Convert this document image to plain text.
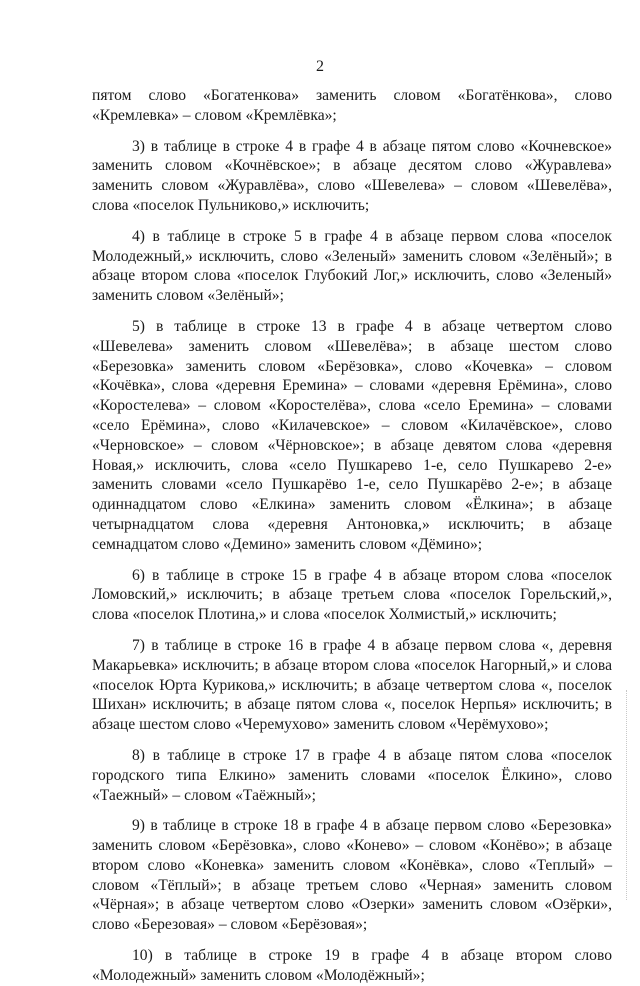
2

пятом слово «Богатенкова» заменить словом «Богатёнкова», слово «Кремлевка» – словом «Кремлёвка»;

3) в таблице в строке 4 в графе 4 в абзаце пятом слово «Кочневское» заменить словом «Кочнёвское»; в абзаце десятом слово «Журавлева» заменить словом «Журавлёва», слово «Шевелева» – словом «Шевелёва», слова «поселок Пульниково,» исключить;

4) в таблице в строке 5 в графе 4 в абзаце первом слова «поселок Молодежный,» исключить, слово «Зеленый» заменить словом «Зелёный»; в абзаце втором слова «поселок Глубокий Лог,» исключить, слово «Зеленый» заменить словом «Зелёный»;

5) в таблице в строке 13 в графе 4 в абзаце четвертом слово «Шевелева» заменить словом «Шевелёва»; в абзаце шестом слово «Березовка» заменить словом «Берёзовка», слово «Кочевка» – словом «Кочёвка», слова «деревня Еремина» – словами «деревня Ерёмина», слово «Коростелева» – словом «Коростелёва», слова «село Еремина» – словами «село Ерёмина», слово «Килачевское» – словом «Килачёвское», слово «Черновское» – словом «Чёрновское»; в абзаце девятом слова «деревня Новая,» исключить, слова «село Пушкарево 1-е, село Пушкарево 2-е» заменить словами «село Пушкарёво 1-е, село Пушкарёво 2-е»; в абзаце одиннадцатом слово «Елкина» заменить словом «Ёлкина»; в абзаце четырнадцатом слова «деревня Антоновка,» исключить; в абзаце семнадцатом слово «Демино» заменить словом «Дёмино»;

6) в таблице в строке 15 в графе 4 в абзаце втором слова «поселок Ломовский,» исключить; в абзаце третьем слова «поселок Горельский,», слова «поселок Плотина,» и слова «поселок Холмистый,» исключить;

7) в таблице в строке 16 в графе 4 в абзаце первом слова «, деревня Макарьевка» исключить; в абзаце втором слова «поселок Нагорный,» и слова «поселок Юрта Курикова,» исключить; в абзаце четвертом слова «, поселок Шихан» исключить; в абзаце пятом слова «, поселок Нерпья» исключить; в абзаце шестом слово «Черемухово» заменить словом «Черёмухово»;

8) в таблице в строке 17 в графе 4 в абзаце пятом слова «поселок городского типа Елкино» заменить словами «поселок Ёлкино», слово «Таежный» – словом «Таёжный»;

9) в таблице в строке 18 в графе 4 в абзаце первом слово «Березовка» заменить словом «Берёзовка», слово «Конево» – словом «Конёво»; в абзаце втором слово «Коневка» заменить словом «Конёвка», слово «Теплый» – словом «Тёплый»; в абзаце третьем слово «Черная» заменить словом «Чёрная»; в абзаце четвертом слово «Озерки» заменить словом «Озёрки», слово «Березовая» – словом «Берёзовая»;

10) в таблице в строке 19 в графе 4 в абзаце втором слово «Молодежный» заменить словом «Молодёжный»;
